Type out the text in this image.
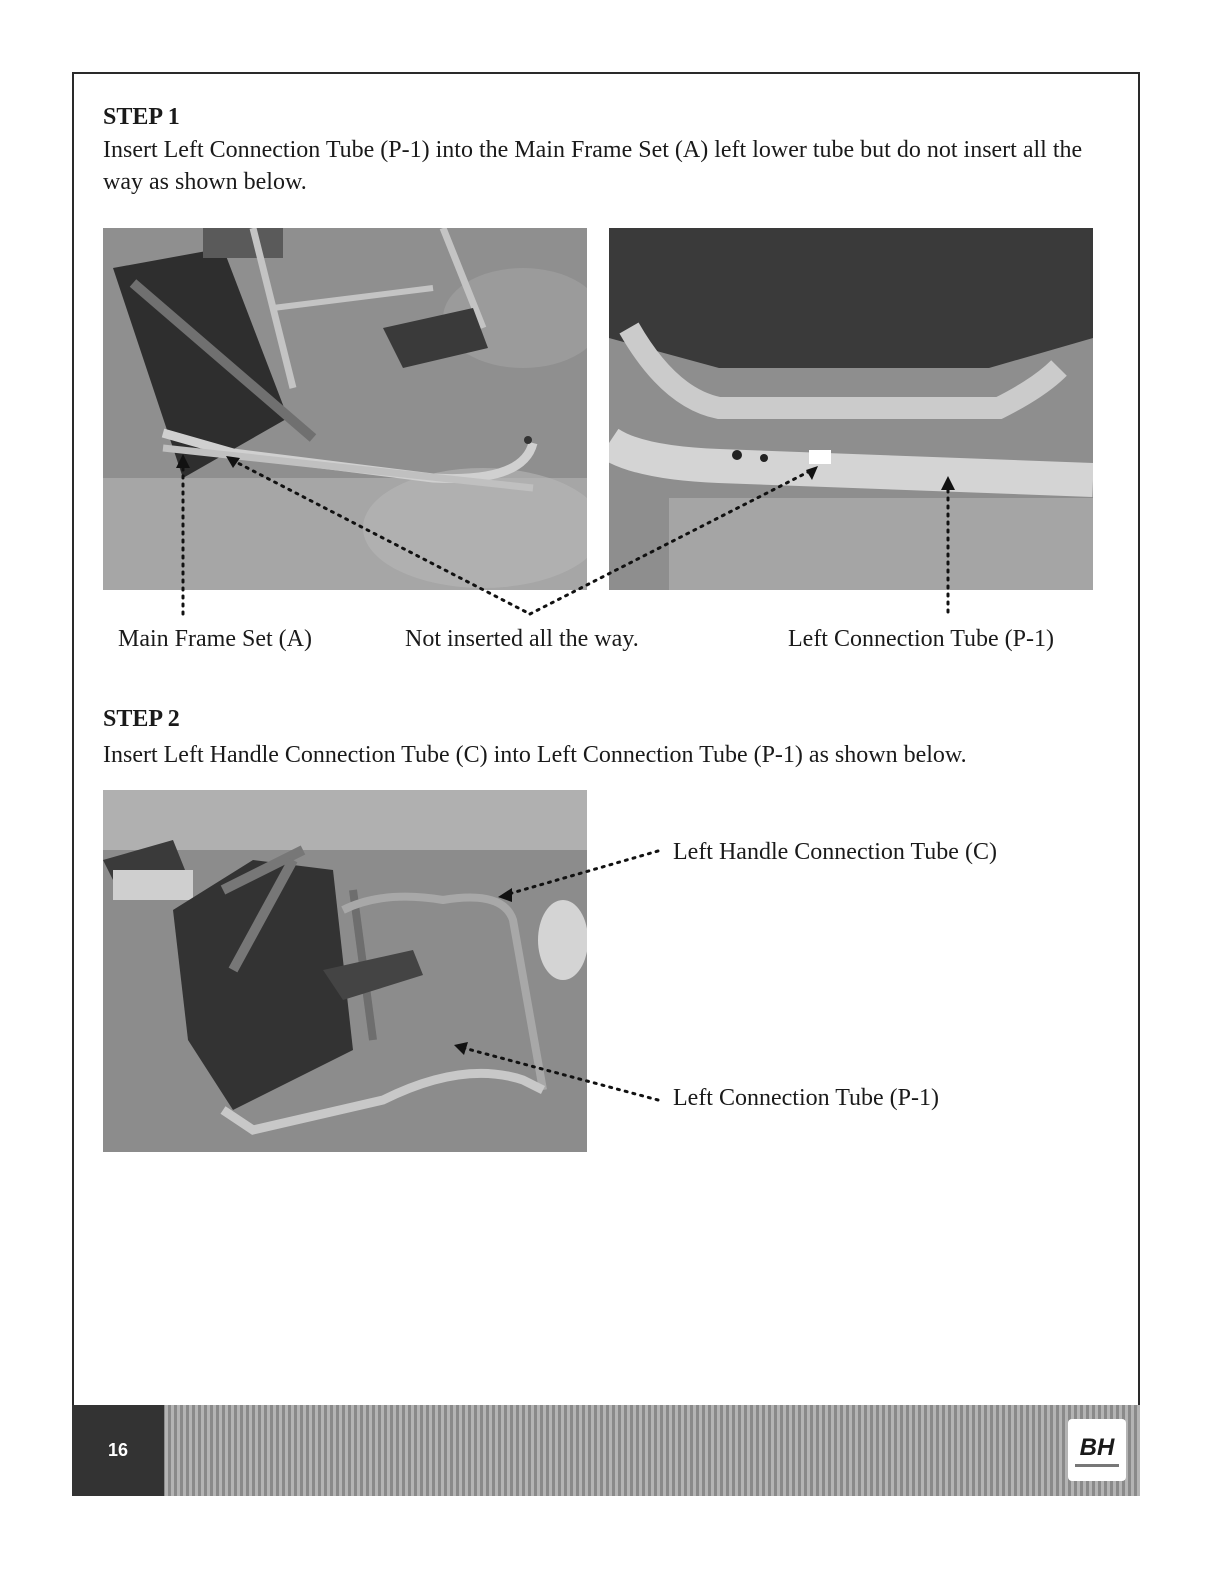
STEP 1
Insert Left Connection Tube (P-1) into the Main Frame Set (A) left lower tube but do not insert all the way as shown below.
Main Frame Set (A)	Not inserted all the way.	Left Connection Tube (P-1)
STEP 2
Insert Left Handle Connection Tube (C) into Left Connection Tube (P-1) as shown below.
Left Handle Connection Tube (C)
Left Connection Tube (P-1)
16	BH
